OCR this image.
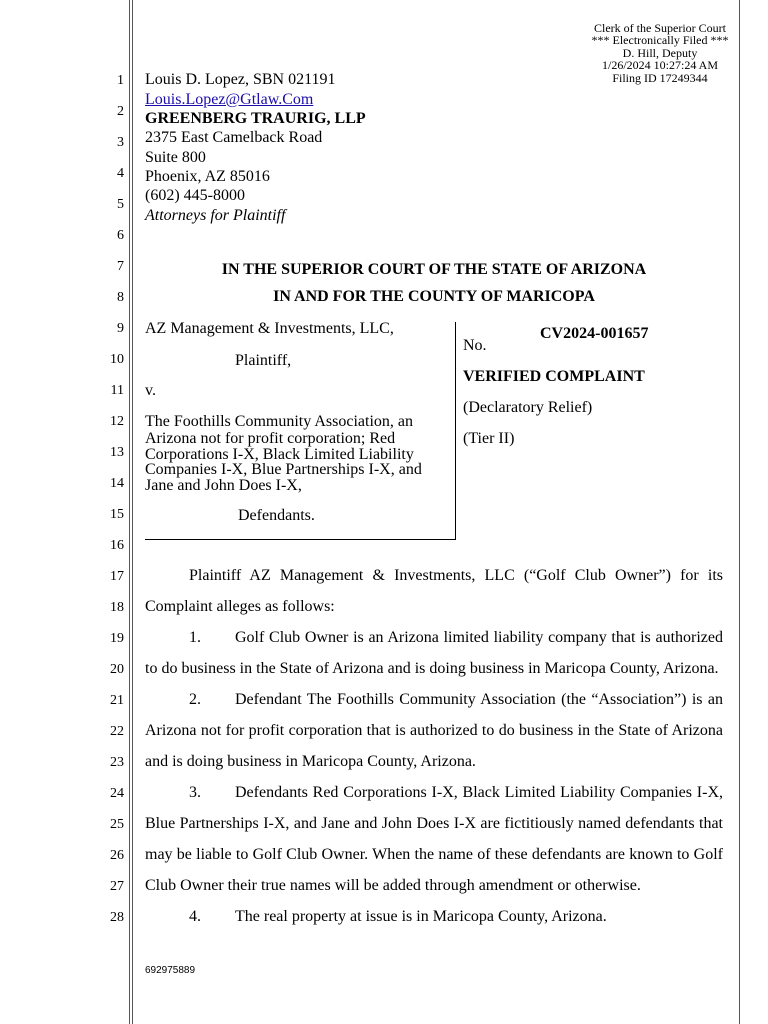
Clerk of the Superior Court
*** Electronically Filed ***
D. Hill, Deputy
1/26/2024 10:27:24 AM
Filing ID 17249344
1
2
3
4
5
6
7
8
9
10
11
12
13
14
15
16
17
18
19
20
21
22
23
24
25
26
27
28
Louis D. Lopez, SBN 021191
Louis.Lopez@Gtlaw.Com
GREENBERG TRAURIG, LLP
2375 East Camelback Road
Suite 800
Phoenix, AZ 85016
(602) 445-8000
Attorneys for Plaintiff
IN THE SUPERIOR COURT OF THE STATE OF ARIZONA
IN AND FOR THE COUNTY OF MARICOPA
AZ Management & Investments, LLC,
Plaintiff,
v.
The Foothills Community Association, an
Arizona not for profit corporation; Red
Corporations I-X, Black Limited Liability
Companies I-X, Blue Partnerships I-X, and
Jane and John Does I-X,
Defendants.
No.
CV2024-001657
VERIFIED COMPLAINT
(Declaratory Relief)
(Tier II)
Plaintiff AZ Management & Investments, LLC (“Golf Club Owner”) for its
Complaint alleges as follows:
1. Golf Club Owner is an Arizona limited liability company that is authorized
to do business in the State of Arizona and is doing business in Maricopa County, Arizona.
2. Defendant The Foothills Community Association (the “Association”) is an
Arizona not for profit corporation that is authorized to do business in the State of Arizona
and is doing business in Maricopa County, Arizona.
3. Defendants Red Corporations I-X, Black Limited Liability Companies I-X,
Blue Partnerships I-X, and Jane and John Does I-X are fictitiously named defendants that
may be liable to Golf Club Owner. When the name of these defendants are known to Golf
Club Owner their true names will be added through amendment or otherwise.
4. The real property at issue is in Maricopa County, Arizona.
692975889
